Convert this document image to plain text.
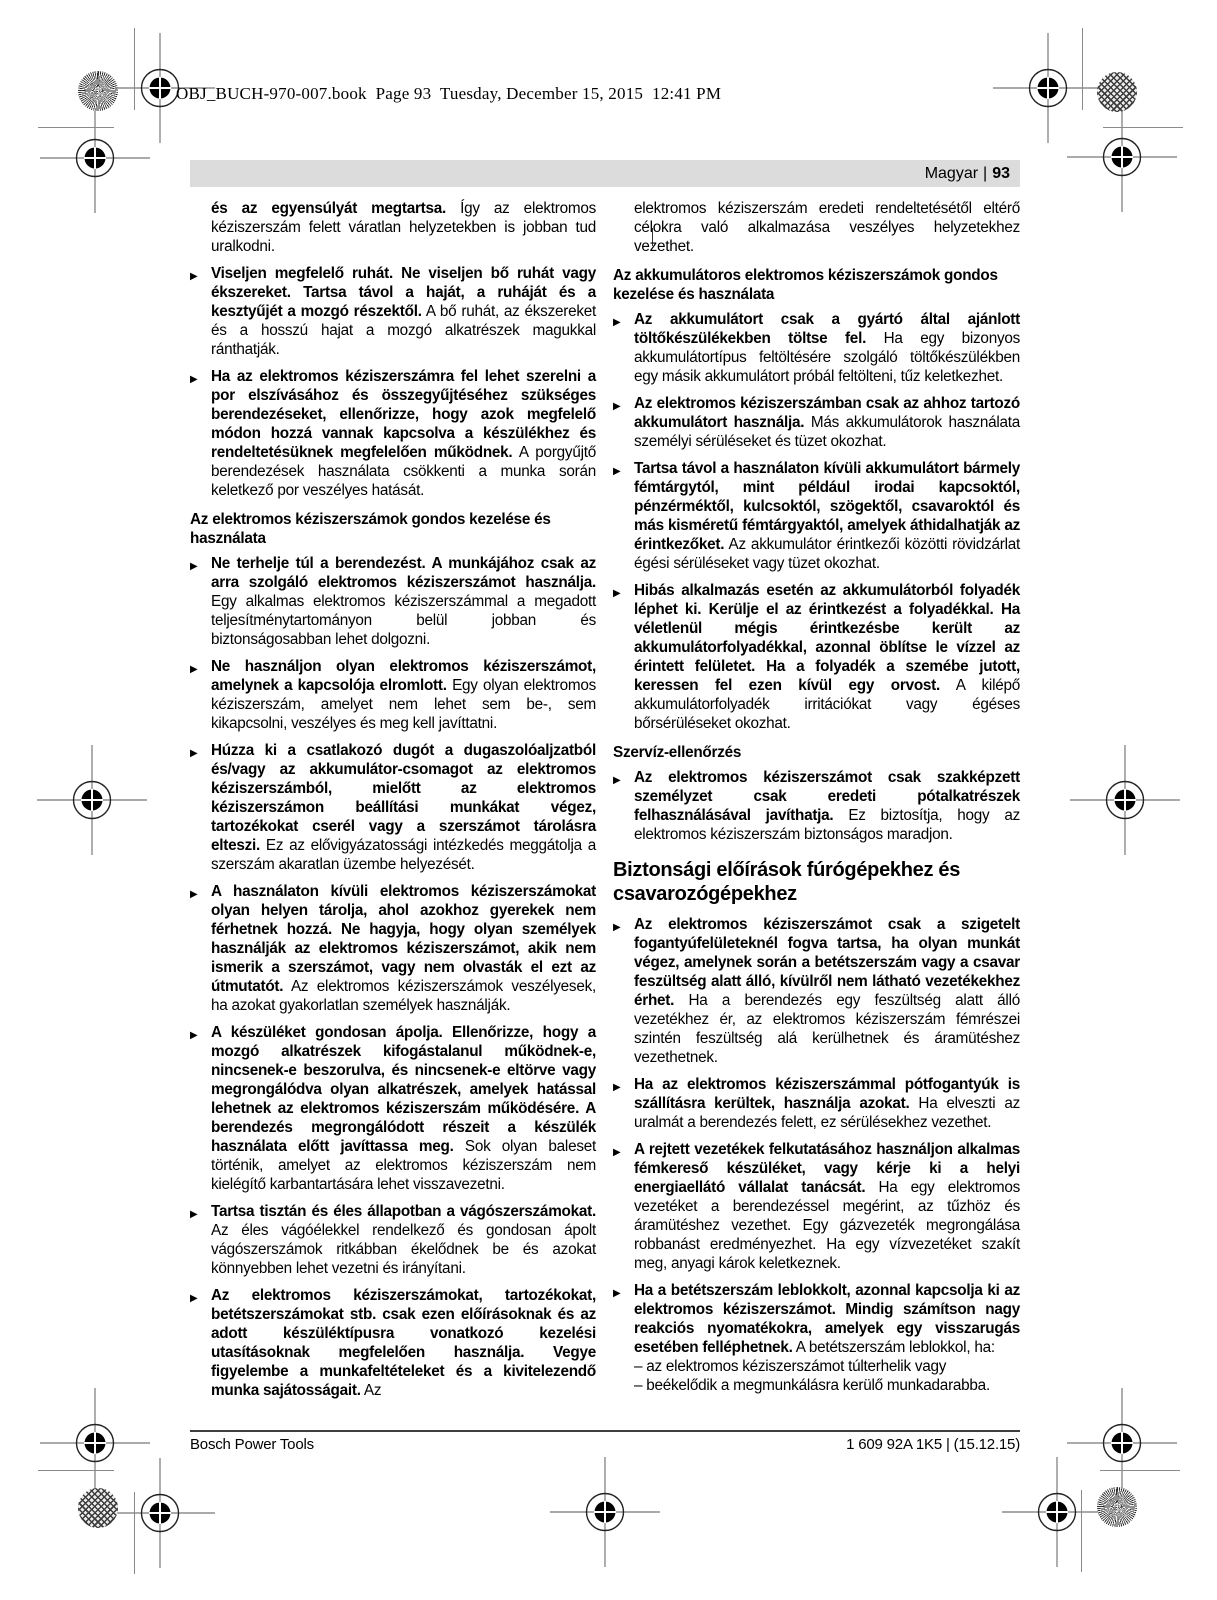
OBJ_BUCH-970-007.book  Page 93  Tuesday, December 15, 2015  12:41 PM
Magyar | 93
és az egyensúlyát megtartsa. Így az elektromos kéziszerszám felett váratlan helyzetekben is jobban tud uralkodni.
▶ Viseljen megfelelő ruhát. Ne viseljen bő ruhát vagy ékszereket. Tartsa távol a haját, a ruháját és a kesztyűjét a mozgó részektől. A bő ruhát, az ékszereket és a hosszú hajat a mozgó alkatrészek magukkal ránthatják.
▶ Ha az elektromos kéziszerszámra fel lehet szerelni a por elszívásához és összegyűjtéséhez szükséges berendezéseket, ellenőrizze, hogy azok megfelelő módon hozzá vannak kapcsolva a készülékhez és rendeltetésüknek megfelelően működnek. A porgyűjtő berendezések használata csökkenti a munka során keletkező por veszélyes hatását.
Az elektromos kéziszerszámok gondos kezelése és használata
▶ Ne terhelje túl a berendezést. A munkájához csak az arra szolgáló elektromos kéziszerszámot használja. Egy alkalmas elektromos kéziszerszámmal a megadott teljesítménytartományon belül jobban és biztonságosabban lehet dolgozni.
▶ Ne használjon olyan elektromos kéziszerszámot, amelynek a kapcsolója elromlott. Egy olyan elektromos kéziszerszám, amelyet nem lehet sem be-, sem kikapcsolni, veszélyes és meg kell javíttatni.
▶ Húzza ki a csatlakozó dugót a dugaszolóaljzatból és/vagy az akkumulátor-csomagot az elektromos kéziszerszámból, mielőtt az elektromos kéziszerszámon beállítási munkákat végez, tartozékokat cserél vagy a szerszámot tárolásra elteszi. Ez az elővigyázatossági intézkedés meggátolja a szerszám akaratlan üzembe helyezését.
▶ A használaton kívüli elektromos kéziszerszámokat olyan helyen tárolja, ahol azokhoz gyerekek nem férhetnek hozzá. Ne hagyja, hogy olyan személyek használják az elektromos kéziszerszámot, akik nem ismerik a szerszámot, vagy nem olvasták el ezt az útmutatót. Az elektromos kéziszerszámok veszélyesek, ha azokat gyakorlatlan személyek használják.
▶ A készüléket gondosan ápolja. Ellenőrizze, hogy a mozgó alkatrészek kifogástalanul működnek-e, nincsenek-e beszorulva, és nincsenek-e eltörve vagy megrongálódva olyan alkatrészek, amelyek hatással lehetnek az elektromos kéziszerszám működésére. A berendezés megrongálódott részeit a készülék használata előtt javíttassa meg. Sok olyan baleset történik, amelyet az elektromos kéziszerszám nem kielégítő karbantartására lehet visszavezetni.
▶ Tartsa tisztán és éles állapotban a vágószerszámokat. Az éles vágóélekkel rendelkező és gondosan ápolt vágószerszámok ritkábban ékelődnek be és azokat könnyebben lehet vezetni és irányítani.
▶ Az elektromos kéziszerszámokat, tartozékokat, betétszerszámokat stb. csak ezen előírásoknak és az adott készüléktípusra vonatkozó kezelési utasításoknak megfelelően használja. Vegye figyelembe a munkafeltételeket és a kivitelezendő munka sajátosságait. Az
elektromos kéziszerszám eredeti rendeltetésétől eltérő célokra való alkalmazása veszélyes helyzetekhez vezethet.
Az akkumulátoros elektromos kéziszerszámok gondos kezelése és használata
▶ Az akkumulátort csak a gyártó által ajánlott töltőkészülékekben töltse fel. Ha egy bizonyos akkumulátortípus feltöltésére szolgáló töltőkészülékben egy másik akkumulátort próbál feltölteni, tűz keletkezhet.
▶ Az elektromos kéziszerszámban csak az ahhoz tartozó akkumulátort használja. Más akkumulátorok használata személyi sérüléseket és tüzet okozhat.
▶ Tartsa távol a használaton kívüli akkumulátort bármely fémtárgytól, mint például irodai kapcsoktól, pénzérméktől, kulcsoktól, szögektől, csavaroktól és más kisméretű fémtárgyaktól, amelyek áthidalhatják az érintkezőket. Az akkumulátor érintkezői közötti rövidzárlat égési sérüléseket vagy tüzet okozhat.
▶ Hibás alkalmazás esetén az akkumulátorból folyadék léphet ki. Kerülje el az érintkezést a folyadékkal. Ha véletlenül mégis érintkezésbe került az akkumulátorfolyadékkal, azonnal öblítse le vízzel az érintett felületet. Ha a folyadék a szemébe jutott, keressen fel ezen kívül egy orvost. A kilépő akkumulátorfolyadék irritációkat vagy égéses bőrsérüléseket okozhat.
Szervíz-ellenőrzés
▶ Az elektromos kéziszerszámot csak szakképzett személyzet csak eredeti pótalkatrészek felhasználásával javíthatja. Ez biztosítja, hogy az elektromos kéziszerszám biztonságos maradjon.
Biztonsági előírások fúrógépekhez és csavarozógépekhez
▶ Az elektromos kéziszerszámot csak a szigetelt fogantyúfelületeknél fogva tartsa, ha olyan munkát végez, amelynek során a betétszerszám vagy a csavar feszültség alatt álló, kívülről nem látható vezetékekhez érhet. Ha a berendezés egy feszültség alatt álló vezetékhez ér, az elektromos kéziszerszám fémrészei szintén feszültség alá kerülhetnek és áramütéshez vezethetnek.
▶ Ha az elektromos kéziszerszámmal pótfogantyúk is szállításra kerültek, használja azokat. Ha elveszti az uralmát a berendezés felett, ez sérülésekhez vezethet.
▶ A rejtett vezetékek felkutatásához használjon alkalmas fémkereső készüléket, vagy kérje ki a helyi energiaellátó vállalat tanácsát. Ha egy elektromos vezetéket a berendezéssel megérint, az tűzhöz és áramütéshez vezethet. Egy gázvezeték megrongálása robbanást eredményezhet. Ha egy vízvezetéket szakít meg, anyagi károk keletkeznek.
▶ Ha a betétszerszám leblokkolt, azonnal kapcsolja ki az elektromos kéziszerszámot. Mindig számítson nagy reakciós nyomatékokra, amelyek egy visszarugás esetében felléphetnek. A betétszerszám leblokkol, ha:
– az elektromos kéziszerszámot túlterhelik vagy
– beékelődik a megmunkálásra kerülő munkadarabba.
Bosch Power Tools	1 609 92A 1K5 | (15.12.15)
